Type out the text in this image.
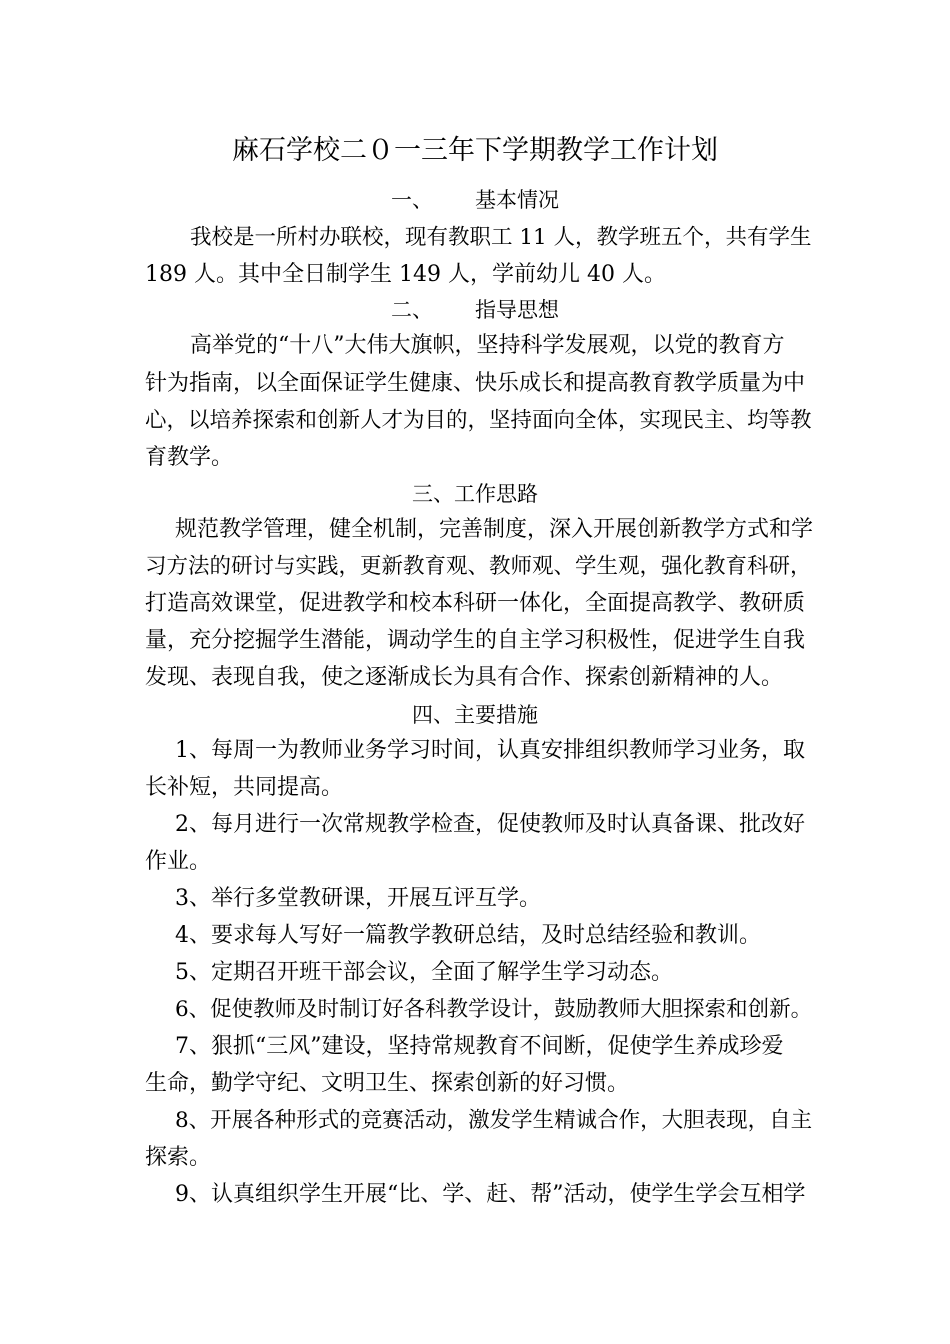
麻石学校二０一三年下学期教学工作计划
一、 基本情况
我校是一所村办联校，现有教职工 11 人，教学班五个，共有学生
189 人。其中全日制学生 149 人，学前幼儿 40 人。
二、 指导思想
高举党的“十八”大伟大旗帜，坚持科学发展观，以党的教育方
针为指南，以全面保证学生健康、快乐成长和提高教育教学质量为中
心，以培养探索和创新人才为目的，坚持面向全体，实现民主、均等教
育教学。
三、工作思路
规范教学管理，健全机制，完善制度，深入开展创新教学方式和学
习方法的研讨与实践，更新教育观、教师观、学生观，强化教育科研，
打造高效课堂，促进教学和校本科研一体化，全面提高教学、教研质
量，充分挖掘学生潜能，调动学生的自主学习积极性，促进学生自我
发现、表现自我，使之逐渐成长为具有合作、探索创新精神的人。
四、主要措施
1、每周一为教师业务学习时间，认真安排组织教师学习业务，取
长补短，共同提高。
2、每月进行一次常规教学检查，促使教师及时认真备课、批改好
作业。
3、举行多堂教研课，开展互评互学。
4、要求每人写好一篇教学教研总结，及时总结经验和教训。
5、定期召开班干部会议，全面了解学生学习动态。
6、促使教师及时制订好各科教学设计，鼓励教师大胆探索和创新。
7、狠抓“三风”建设，坚持常规教育不间断，促使学生养成珍爱
生命，勤学守纪、文明卫生、探索创新的好习惯。
8、开展各种形式的竞赛活动，激发学生精诚合作，大胆表现，自主
探索。
9、认真组织学生开展“比、学、赶、帮”活动，使学生学会互相学
